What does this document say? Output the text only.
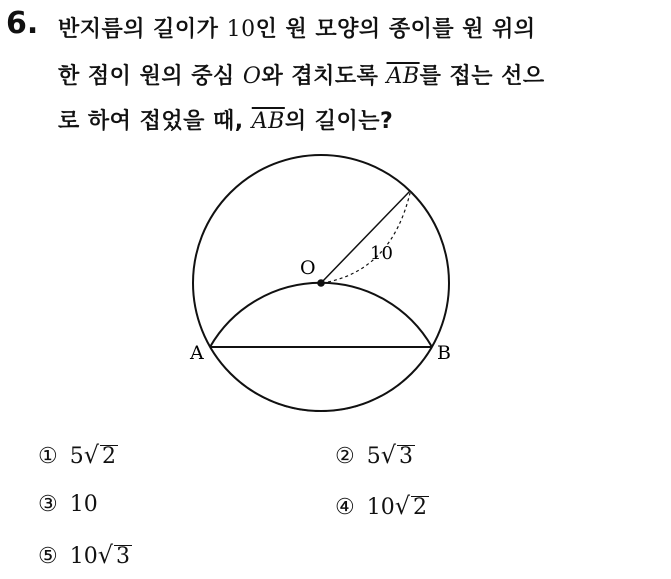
6. 반지름의 길이가 10인 원 모양의 종이를 원 위의
한 점이 원의 중심 O와 겹치도록 $\overline{AB}$를 접는 선으
로 하여 접었을 때, $\overline{AB}$의 길이는?
O
A	B
10
① 5√ 2	② 5√ 3
③ 10	④ 10√ 2
⑤ 10√ 3
